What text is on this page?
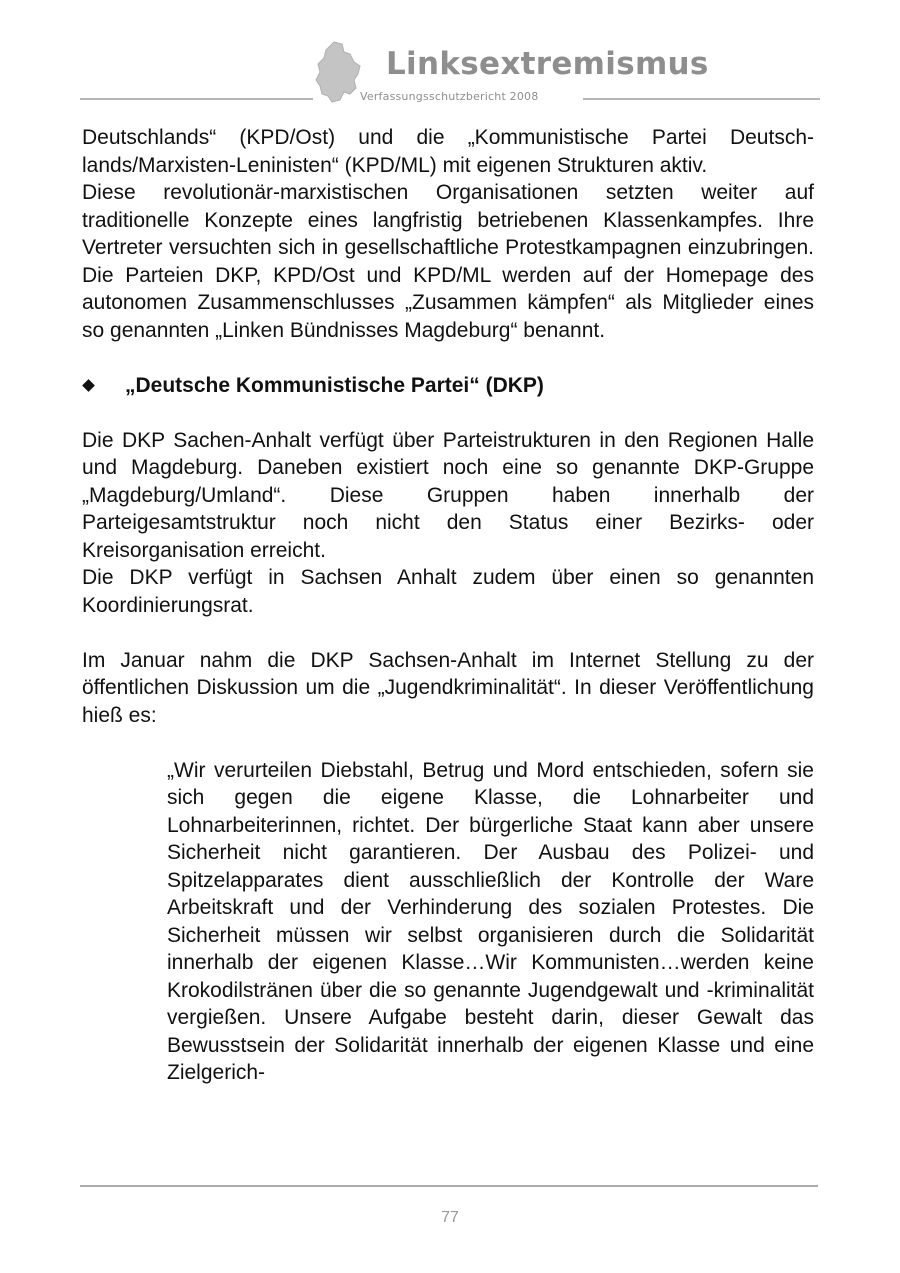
Linksextremismus
Verfassungsschutzbericht 2008

Deutschlands“ (KPD/Ost) und die „Kommunistische Partei Deutschlands/Marxisten-Leninisten“ (KPD/ML) mit eigenen Strukturen aktiv.

Diese revolutionär-marxistischen Organisationen setzten weiter auf traditionelle Konzepte eines langfristig betriebenen Klassenkampfes. Ihre Vertreter versuchten sich in gesellschaftliche Protestkampagnen einzubringen. Die Parteien DKP, KPD/Ost und KPD/ML werden auf der Homepage des autonomen Zusammenschlusses „Zusammen kämpfen“ als Mitglieder eines so genannten „Linken Bündnisses Magdeburg“ benannt.

„Deutsche Kommunistische Partei“ (DKP)

Die DKP Sachen-Anhalt verfügt über Parteistrukturen in den Regionen Halle und Magdeburg. Daneben existiert noch eine so genannte DKP-Gruppe „Magdeburg/Umland“. Diese Gruppen haben innerhalb der Parteigesamtstruktur noch nicht den Status einer Bezirks- oder Kreisorganisation erreicht.

Die DKP verfügt in Sachsen Anhalt zudem über einen so genannten Koordinierungsrat.

Im Januar nahm die DKP Sachsen-Anhalt im Internet Stellung zu der öffentlichen Diskussion um die „Jugendkriminalität“. In dieser Veröffentlichung hieß es:

„Wir verurteilen Diebstahl, Betrug und Mord entschieden, sofern sie sich gegen die eigene Klasse, die Lohnarbeiter und Lohnarbeiterinnen, richtet. Der bürgerliche Staat kann aber unsere Sicherheit nicht garantieren. Der Ausbau des Polizei- und Spitzelapparates dient ausschließlich der Kontrolle der Ware Arbeitskraft und der Verhinderung des sozialen Protestes. Die Sicherheit müssen wir selbst organisieren durch die Solidarität innerhalb der eigenen Klasse…Wir Kommunisten…werden keine Krokodilstränen über die so genannte Jugendgewalt und -kriminalität vergießen. Unsere Aufgabe besteht darin, dieser Gewalt das Bewusstsein der Solidarität innerhalb der eigenen Klasse und eine Zielgerich-

77
